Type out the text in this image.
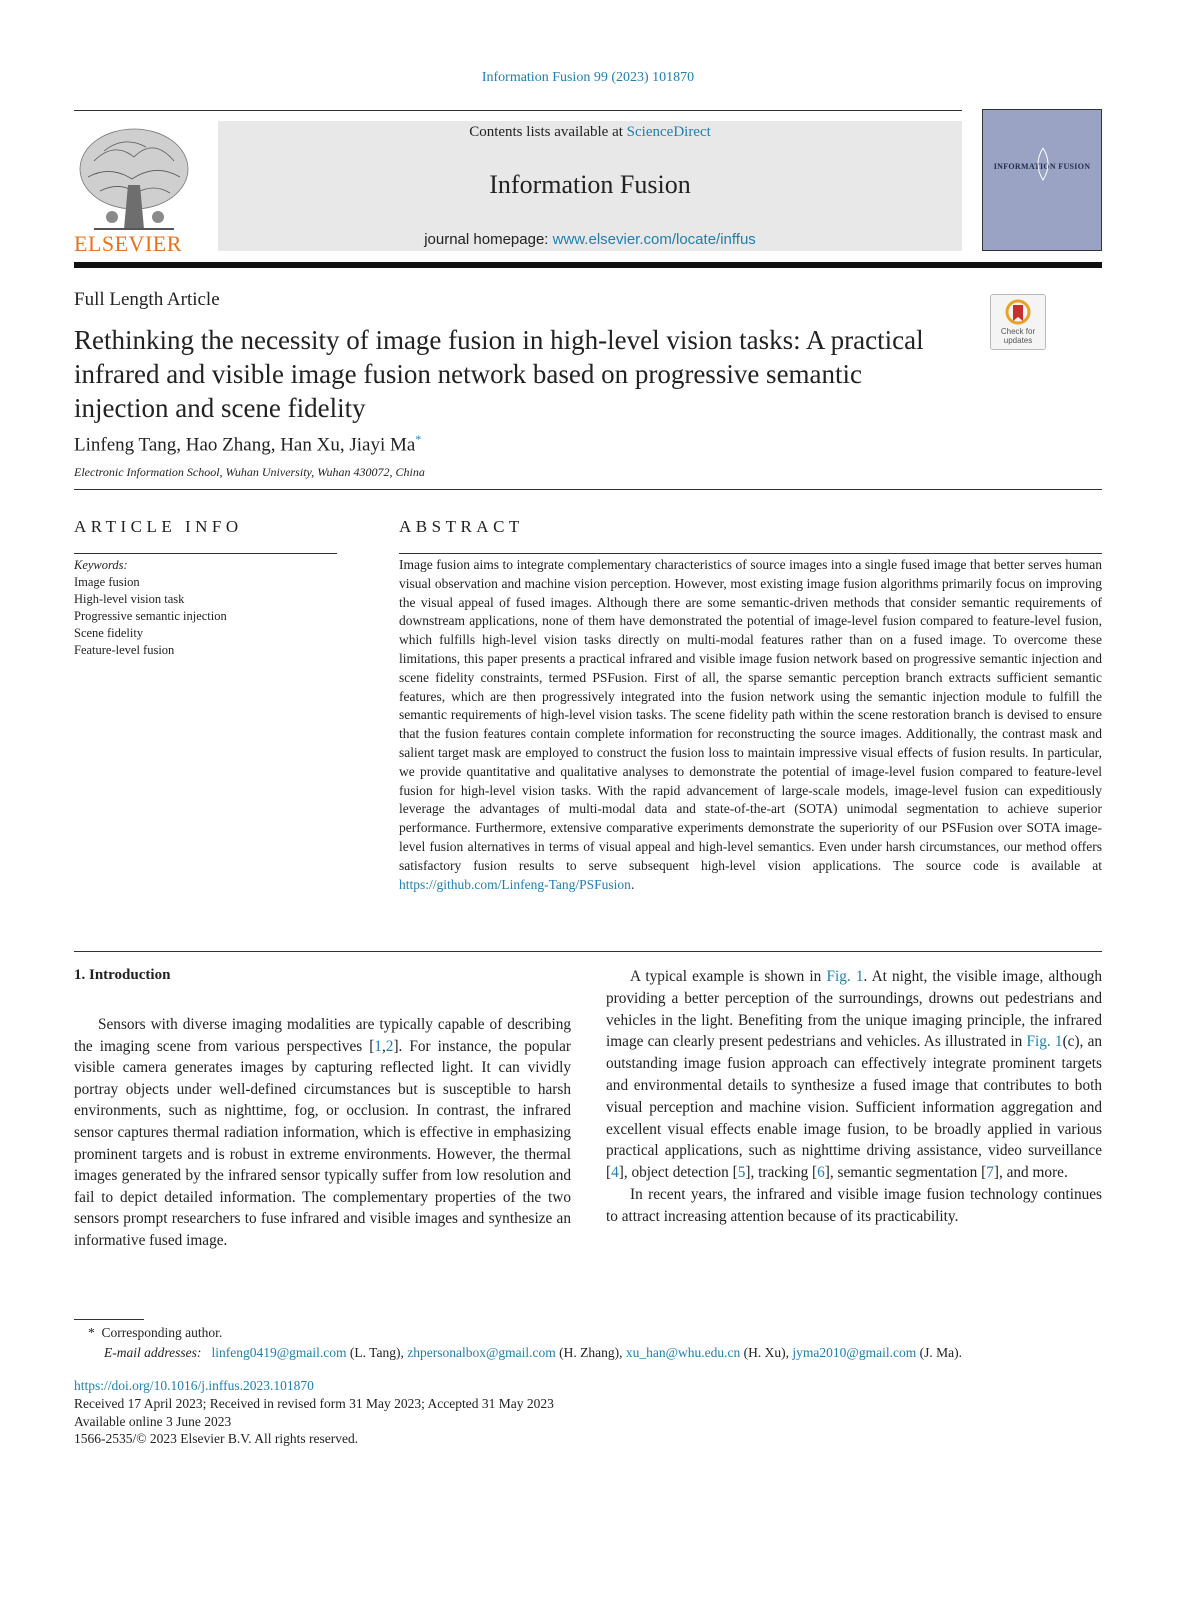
Information Fusion 99 (2023) 101870
ELSEVIER
Contents lists available at ScienceDirect
Information Fusion
journal homepage: www.elsevier.com/locate/inffus
INFORMATION FUSION
Full Length Article
Check for updates
Rethinking the necessity of image fusion in high-level vision tasks: A practical infrared and visible image fusion network based on progressive semantic injection and scene fidelity
Linfeng Tang, Hao Zhang, Han Xu, Jiayi Ma*
Electronic Information School, Wuhan University, Wuhan 430072, China
ARTICLE INFO
Keywords:
Image fusion
High-level vision task
Progressive semantic injection
Scene fidelity
Feature-level fusion
ABSTRACT
Image fusion aims to integrate complementary characteristics of source images into a single fused image that better serves human visual observation and machine vision perception. However, most existing image fusion algorithms primarily focus on improving the visual appeal of fused images. Although there are some semantic-driven methods that consider semantic requirements of downstream applications, none of them have demonstrated the potential of image-level fusion compared to feature-level fusion, which fulfills high-level vision tasks directly on multi-modal features rather than on a fused image. To overcome these limitations, this paper presents a practical infrared and visible image fusion network based on progressive semantic injection and scene fidelity constraints, termed PSFusion. First of all, the sparse semantic perception branch extracts sufficient semantic features, which are then progressively integrated into the fusion network using the semantic injection module to fulfill the semantic requirements of high-level vision tasks. The scene fidelity path within the scene restoration branch is devised to ensure that the fusion features contain complete information for reconstructing the source images. Additionally, the contrast mask and salient target mask are employed to construct the fusion loss to maintain impressive visual effects of fusion results. In particular, we provide quantitative and qualitative analyses to demonstrate the potential of image-level fusion compared to feature-level fusion for high-level vision tasks. With the rapid advancement of large-scale models, image-level fusion can expeditiously leverage the advantages of multi-modal data and state-of-the-art (SOTA) unimodal segmentation to achieve superior performance. Furthermore, extensive comparative experiments demonstrate the superiority of our PSFusion over SOTA image-level fusion alternatives in terms of visual appeal and high-level semantics. Even under harsh circumstances, our method offers satisfactory fusion results to serve subsequent high-level vision applications. The source code is available at https://github.com/Linfeng-Tang/PSFusion.
1. Introduction
Sensors with diverse imaging modalities are typically capable of describing the imaging scene from various perspectives [1,2]. For instance, the popular visible camera generates images by capturing reflected light. It can vividly portray objects under well-defined circumstances but is susceptible to harsh environments, such as nighttime, fog, or occlusion. In contrast, the infrared sensor captures thermal radiation information, which is effective in emphasizing prominent targets and is robust in extreme environments. However, the thermal images generated by the infrared sensor typically suffer from low resolution and fail to depict detailed information. The complementary properties of the two sensors prompt researchers to fuse infrared and visible images and synthesize an informative fused image.

A typical example is shown in Fig. 1. At night, the visible image, although providing a better perception of the surroundings, drowns out pedestrians and vehicles in the light. Benefiting from the unique imaging principle, the infrared image can clearly present pedestrians and vehicles. As illustrated in Fig. 1(c), an outstanding image fusion approach can effectively integrate prominent targets and environmental details to synthesize a fused image that contributes to both visual perception and machine vision. Sufficient information aggregation and excellent visual effects enable image fusion, to be broadly applied in various practical applications, such as nighttime driving assistance, video surveillance [4], object detection [5], tracking [6], semantic segmentation [7], and more.

In recent years, the infrared and visible image fusion technology continues to attract increasing attention because of its practicability.

* Corresponding author.
E-mail addresses: linfeng0419@gmail.com (L. Tang), zhpersonalbox@gmail.com (H. Zhang), xu_han@whu.edu.cn (H. Xu), jyma2010@gmail.com (J. Ma).
https://doi.org/10.1016/j.inffus.2023.101870
Received 17 April 2023; Received in revised form 31 May 2023; Accepted 31 May 2023
Available online 3 June 2023
1566-2535/© 2023 Elsevier B.V. All rights reserved.
